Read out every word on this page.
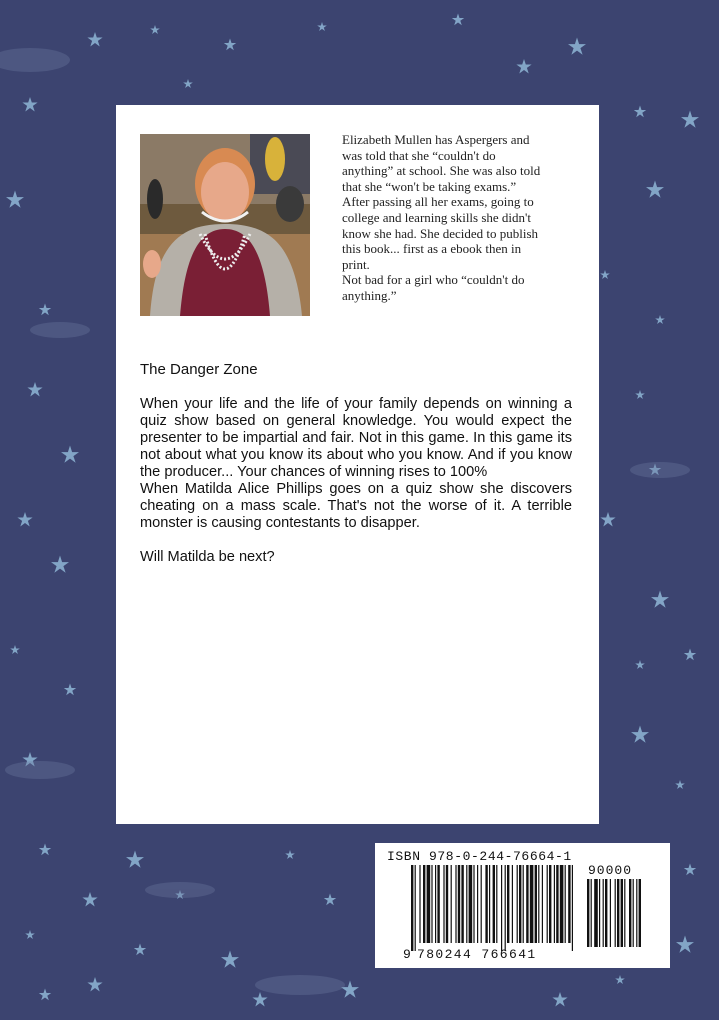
Elizabeth Mullen has Aspergers and

was told that she “couldn't do

anything” at school. She was also told

that she “won't be taking exams.”

After passing all her exams, going to

college and learning skills she didn't

know she had. She decided to publish

this book... first as a ebook then in

print.

Not bad for a girl who “couldn't do

anything.”

The Danger Zone

When your life and the life of your family depends on winning a quiz show based on general knowledge. You would expect the presenter to be impartial and fair. Not in this game. In this game its not about what you know its about who you know. And if you know the producer... Your chances of winning rises to 100%

When Matilda Alice Phillips goes on a quiz show she discovers cheating on a mass scale. That's not the worse of it. A terrible monster is causing contestants to disapper.

Will Matilda be next?

ISBN 978-0-244-76664-1
90000
9 780244 766641
